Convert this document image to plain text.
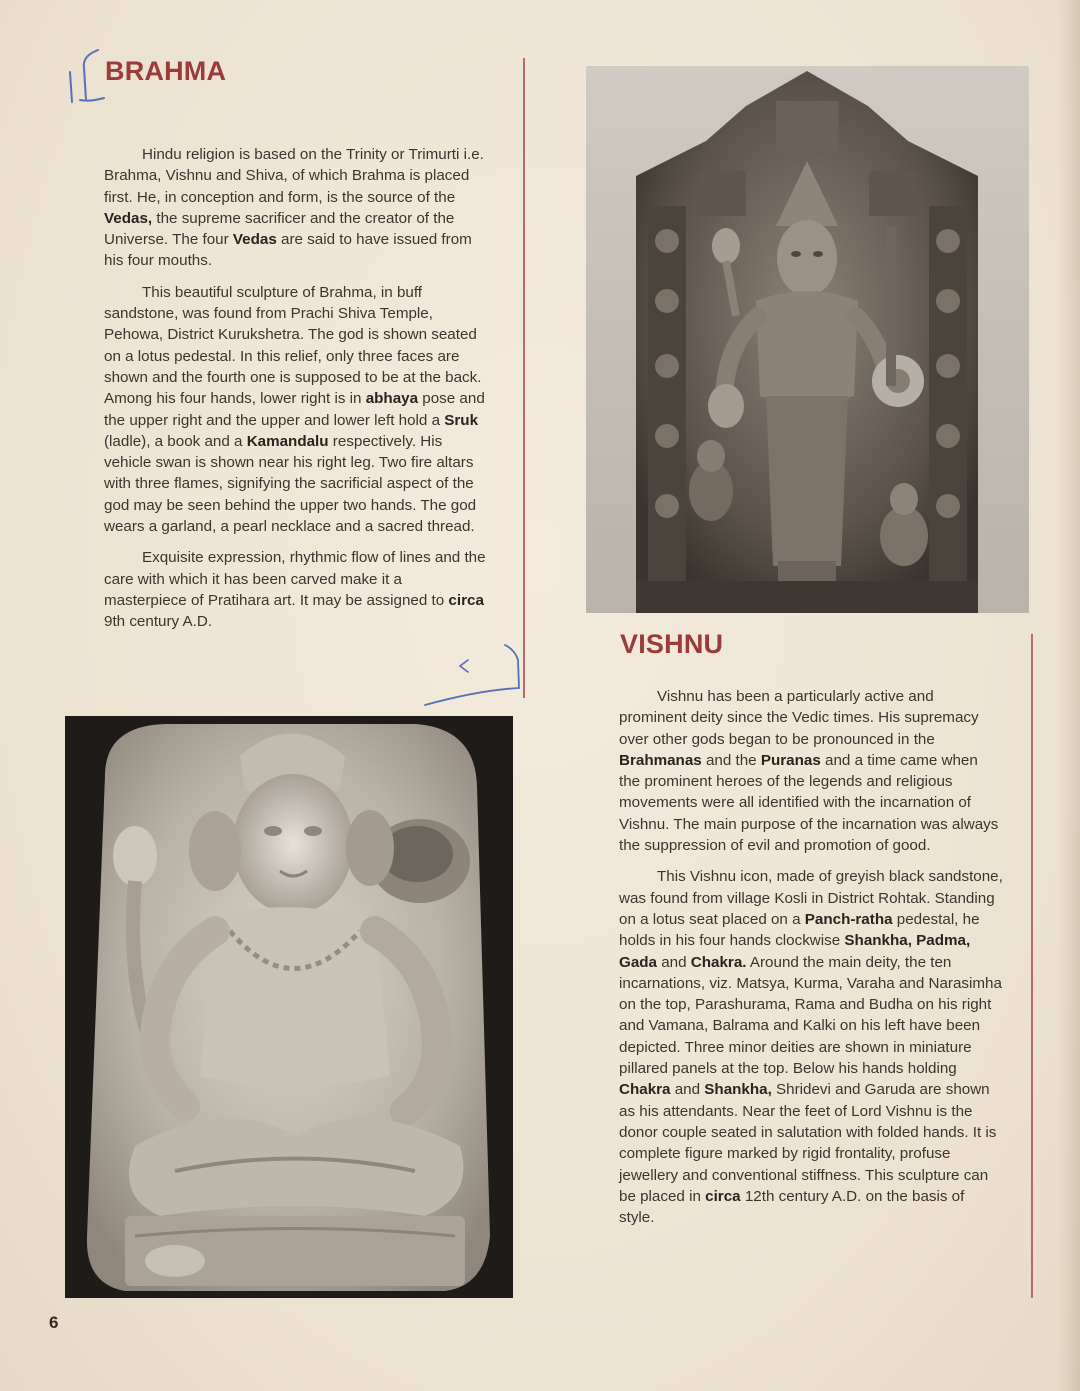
BRAHMA

Hindu religion is based on the Trinity or Trimurti i.e. Brahma, Vishnu and Shiva, of which Brahma is placed first. He, in conception and form, is the source of the Vedas, the supreme sacrificer and the creator of the Universe. The four Vedas are said to have issued from his four mouths.

This beautiful sculpture of Brahma, in buff sandstone, was found from Prachi Shiva Temple, Pehowa, District Kurukshetra. The god is shown seated on a lotus pedestal. In this relief, only three faces are shown and the fourth one is supposed to be at the back. Among his four hands, lower right is in abhaya pose and the upper right and the upper and lower left hold a Sruk (ladle), a book and a Kamandalu respectively. His vehicle swan is shown near his right leg. Two fire altars with three flames, signifying the sacrificial aspect of the god may be seen behind the upper two hands. The god wears a garland, a pearl necklace and a sacred thread.

Exquisite expression, rhythmic flow of lines and the care with which it has been carved make it a masterpiece of Pratihara art. It may be assigned to circa 9th century A.D.

VISHNU

Vishnu has been a particularly active and prominent deity since the Vedic times. His supremacy over other gods began to be pronounced in the Brahmanas and the Puranas and a time came when the prominent heroes of the legends and religious movements were all identified with the incarnation of Vishnu. The main purpose of the incarnation was always the suppression of evil and promotion of good.

This Vishnu icon, made of greyish black sandstone, was found from village Kosli in District Rohtak. Standing on a lotus seat placed on a Panch-ratha pedestal, he holds in his four hands clockwise Shankha, Padma, Gada and Chakra. Around the main deity, the ten incarnations, viz. Matsya, Kurma, Varaha and Narasimha on the top, Parashurama, Rama and Budha on his right and Vamana, Balrama and Kalki on his left have been depicted. Three minor deities are shown in miniature pillared panels at the top. Below his hands holding Chakra and Shankha, Shridevi and Garuda are shown as his attendants. Near the feet of Lord Vishnu is the donor couple seated in salutation with folded hands. It is complete figure marked by rigid frontality, profuse jewellery and conventional stiffness. This sculpture can be placed in circa 12th century A.D. on the basis of style.

6
